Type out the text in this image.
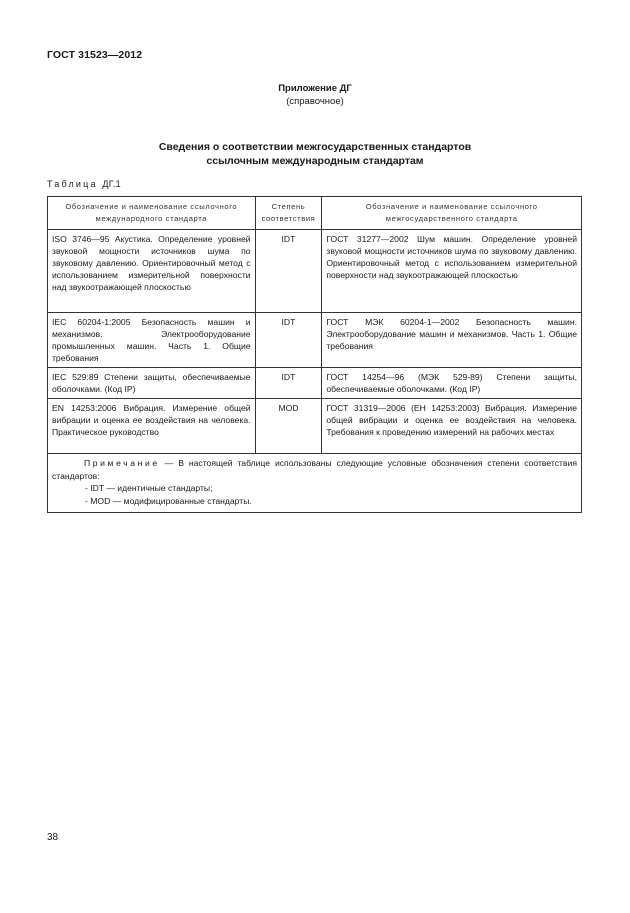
ГОСТ 31523—2012
Приложение ДГ
(справочное)
Сведения о соответствии межгосударственных стандартов
ссылочным международным стандартам
Таблица ДГ.1
Обозначение и наименование ссылочного международного стандарта	Степень соответствия	Обозначение и наименование ссылочного межгосударственного стандарта
ISO 3746—95 Акустика. Определение уровней звуковой мощности источников шума по звуковому давлению. Ориентировочный метод с использованием измерительной поверхности над звукоотражающей плоскостью	IDT	ГОСТ 31277—2002 Шум машин. Определение уровней звуковой мощности источников шума по звуковому давлению. Ориентировочный метод с использованием измерительной поверхности над звукоотражающей плоскостью
IEC 60204-1:2005 Безопасность машин и механизмов. Электрооборудование промышленных машин. Часть 1. Общие требования	IDT	ГОСТ МЭК 60204-1—2002 Безопасность машин. Электрооборудование машин и механизмов. Часть 1. Общие требования
IEC 529:89 Степени защиты, обеспечиваемые оболочками. (Код IP)	IDT	ГОСТ 14254—96 (МЭК 529-89) Степени защиты, обеспечиваемые оболочками. (Код IP)
EN 14253:2006 Вибрация. Измерение общей вибрации и оценка ее воздействия на человека. Практическое руководство	MOD	ГОСТ 31319—2006 (ЕН 14253:2003) Вибрация. Измерение общей вибрации и оценка ее воздействия на человека. Требования к проведению измерений на рабочих местах

Примечание — В настоящей таблице использованы следующие условные обозначения степени соответствия стандартов:
- IDT — идентичные стандарты;
- MOD — модифицированные стандарты.		
38
